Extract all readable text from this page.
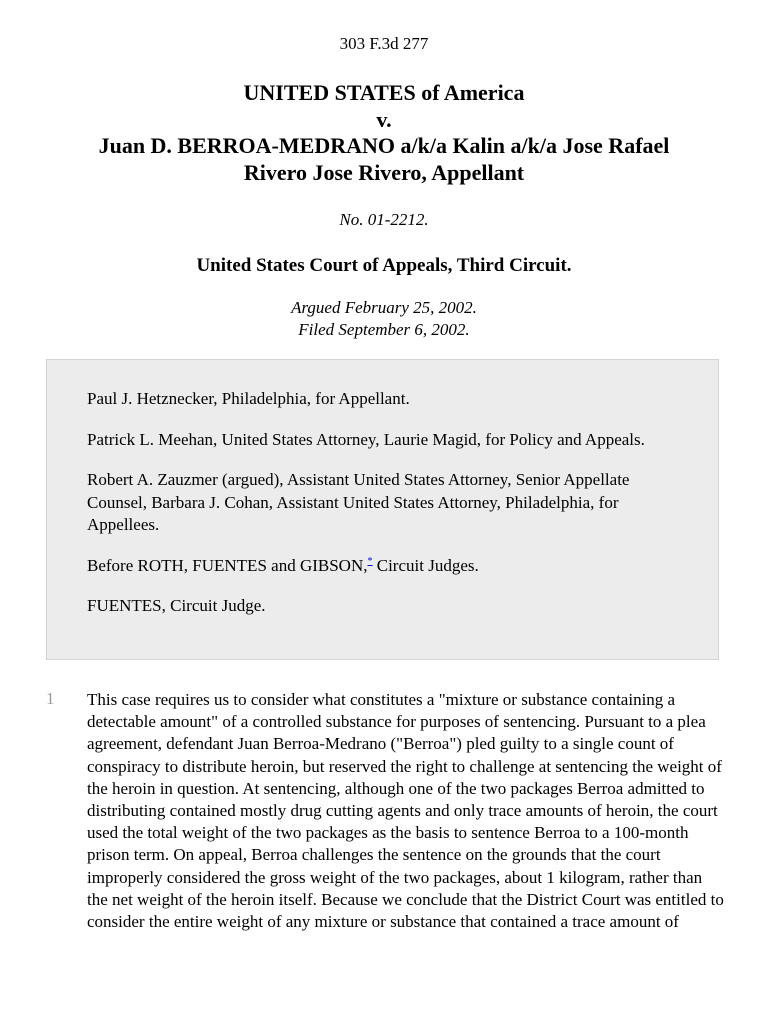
303 F.3d 277
UNITED STATES of America
v.
Juan D. BERROA-MEDRANO a/k/a Kalin a/k/a Jose Rafael
Rivero Jose Rivero, Appellant
No. 01-2212.
United States Court of Appeals, Third Circuit.
Argued February 25, 2002.
Filed September 6, 2002.

Paul J. Hetznecker, Philadelphia, for Appellant.

Patrick L. Meehan, United States Attorney, Laurie Magid, for Policy and Appeals.

Robert A. Zauzmer (argued), Assistant United States Attorney, Senior Appellate Counsel, Barbara J. Cohan, Assistant United States Attorney, Philadelphia, for Appellees.

Before ROTH, FUENTES and GIBSON,* Circuit Judges.

FUENTES, Circuit Judge.

1 This case requires us to consider what constitutes a "mixture or substance containing a detectable amount" of a controlled substance for purposes of sentencing. Pursuant to a plea agreement, defendant Juan Berroa-Medrano ("Berroa") pled guilty to a single count of conspiracy to distribute heroin, but reserved the right to challenge at sentencing the weight of the heroin in question. At sentencing, although one of the two packages Berroa admitted to distributing contained mostly drug cutting agents and only trace amounts of heroin, the court used the total weight of the two packages as the basis to sentence Berroa to a 100-month prison term. On appeal, Berroa challenges the sentence on the grounds that the court improperly considered the gross weight of the two packages, about 1 kilogram, rather than the net weight of the heroin itself. Because we conclude that the District Court was entitled to consider the entire weight of any mixture or substance that contained a trace amount of
